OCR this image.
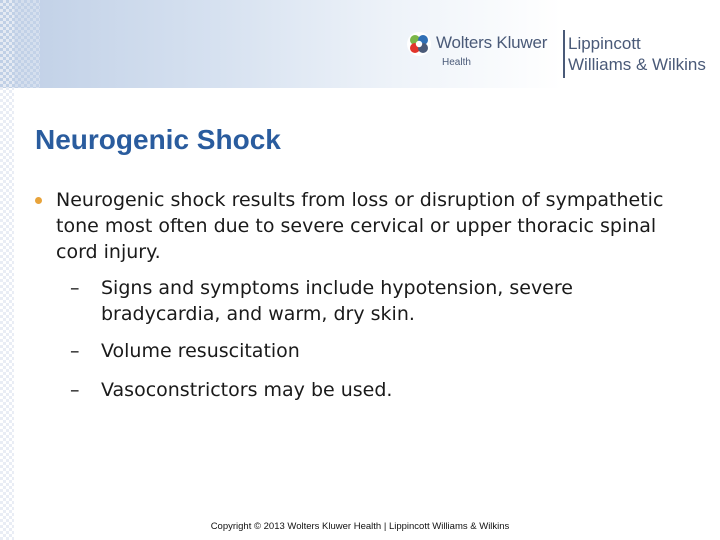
Wolters Kluwer
Health
Lippincott
Williams & Wilkins
Neurogenic Shock
Neurogenic shock results from loss or disruption of sympathetic tone most often due to severe cervical or upper thoracic spinal cord injury.
– Signs and symptoms include hypotension, severe bradycardia, and warm, dry skin.
– Volume resuscitation
– Vasoconstrictors may be used.
Copyright © 2013 Wolters Kluwer Health | Lippincott Williams & Wilkins
